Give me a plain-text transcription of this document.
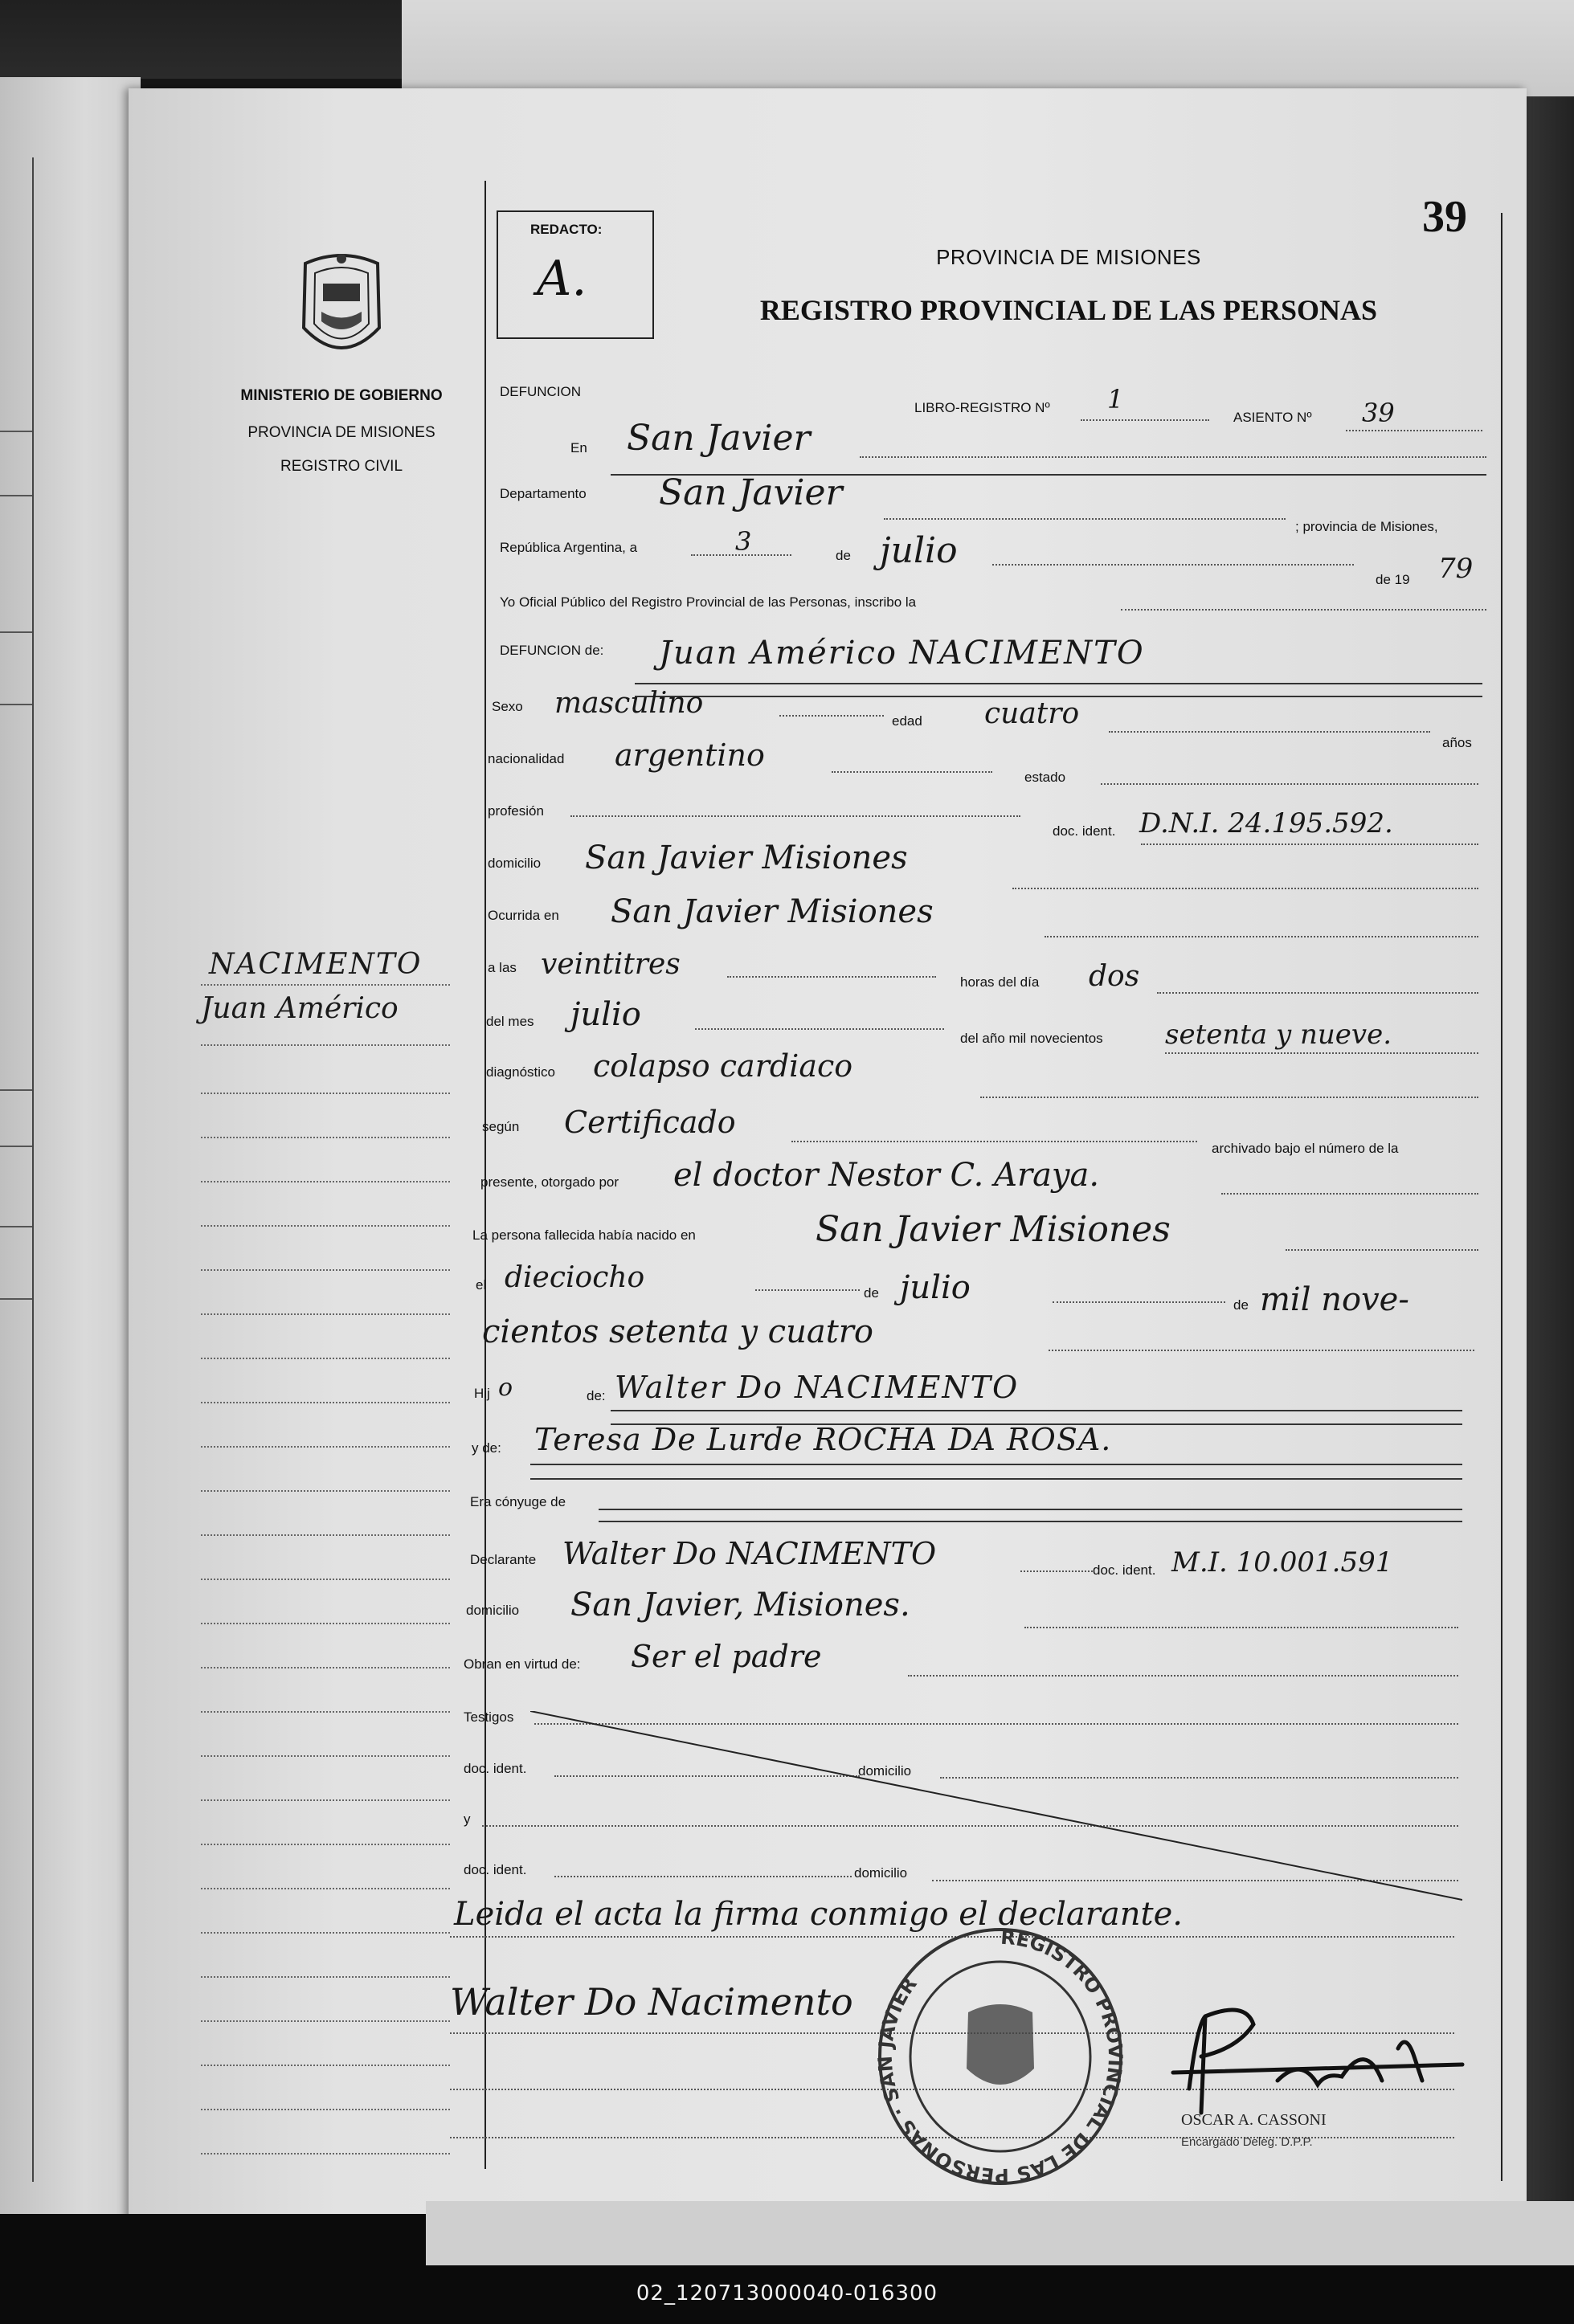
39
REDACTO:
A.	PROVINCIA DE MISIONES
REGISTRO PROVINCIAL DE LAS PERSONAS
MINISTERIO DE GOBIERNO
PROVINCIA DE MISIONES
REGISTRO CIVIL
DEFUNCION
LIBRO-REGISTRO Nº 1
ASIENTO Nº 39
En San Javier
Departamento San Javier
; provincia de Misiones,
República Argentina, a	3	de julio
de 19 79
Yo Oficial Público del Registro Provincial de las Personas, inscribo la
DEFUNCION de: Juan Américo NACIMENTO
Sexo masculino
edad cuatro
años
nacionalidad argentino
estado
profesión
doc. ident. D.N.I. 24.195.592.
domicilio San Javier Misiones
Ocurrida en San Javier Misiones
a las veintitres
horas del día dos
del mes julio
del año mil novecientos setenta y nueve.
diagnóstico colapso cardiaco
según Certificado
archivado bajo el número de la
presente, otorgado por el doctor Nestor C. Araya.
La persona fallecida había nacido en	San Javier Misiones
el dieciocho	de julio	de mil nove-
cientos setenta y cuatro
Hij o	de: Walter Do NACIMENTO
y de: Teresa De Lurde ROCHA DA ROSA.
Era cónyuge de
Declarante Walter Do NACIMENTO	doc. ident. M.I. 10.001.591
domicilio San Javier, Misiones.
Obran en virtud de: Ser el padre
Testigos
doc. ident.	domicilio
y
doc. ident.	domicilio
Leida el acta la firma conmigo el declarante.
Walter Do Nacimento
REGISTRO PROVINCIAL DE LAS PERSONAS · SAN JAVIER
OSCAR A. CASSONI
Encargado Deleg. D.P.P.
NACIMENTO
Juan Américo
02_120713000040-016300
